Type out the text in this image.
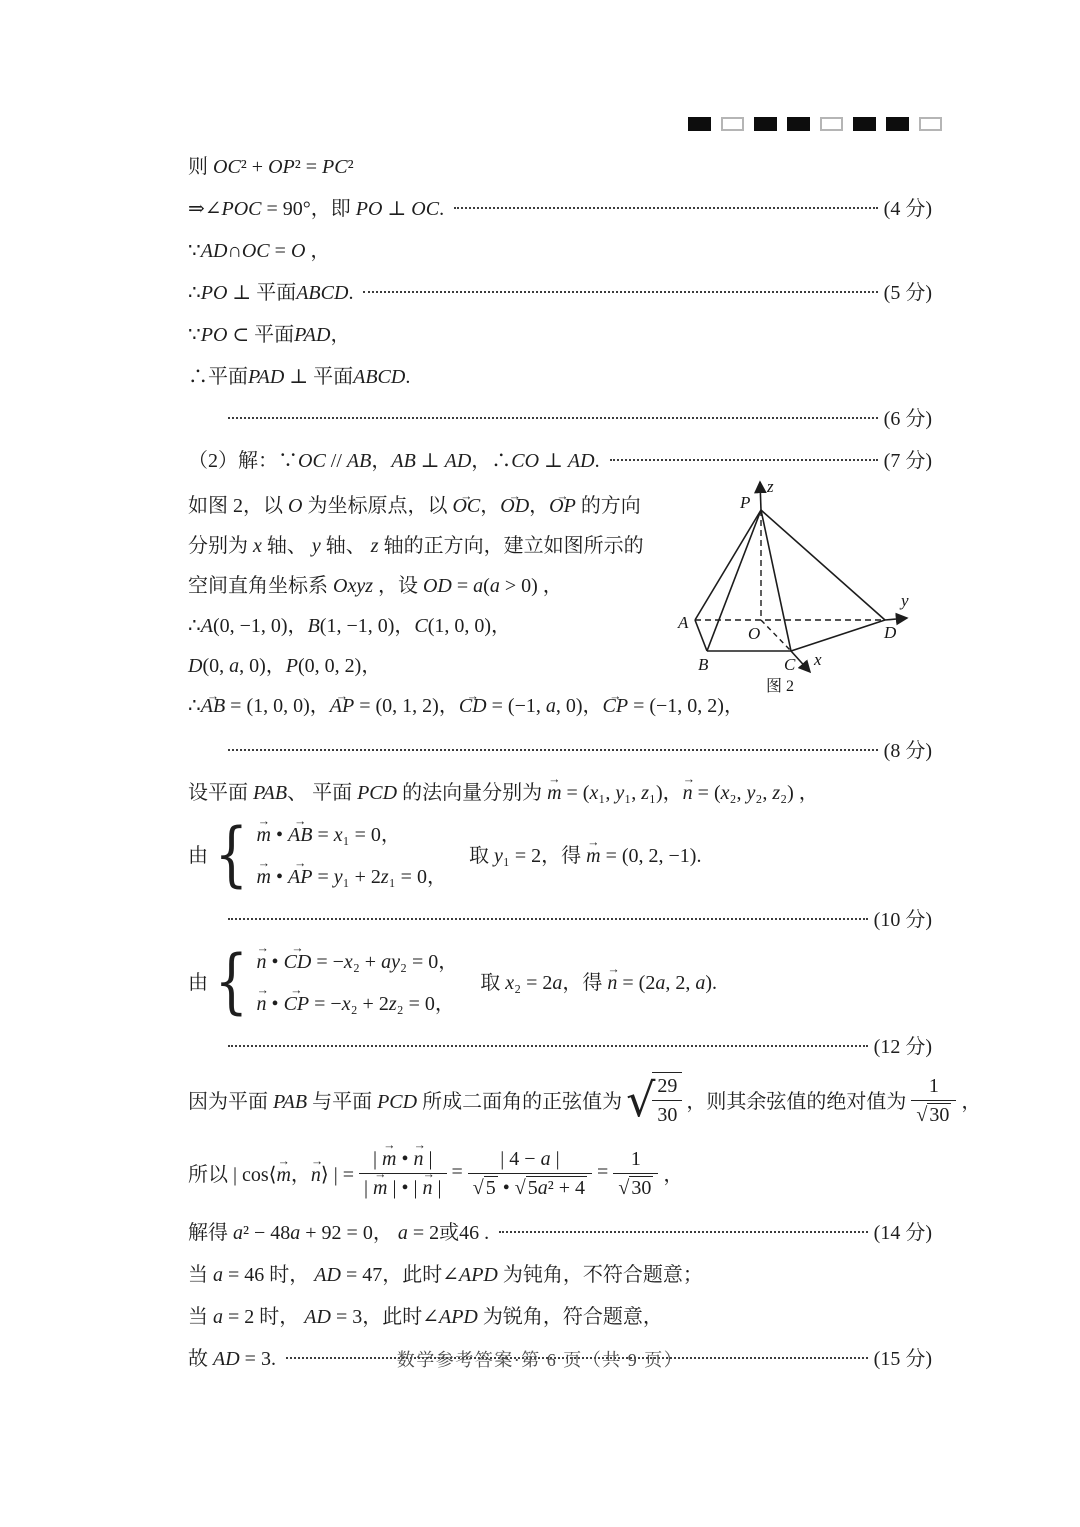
则 OC² + OP² = PC²
⇒∠POC = 90°，即 PO ⊥ OC.	(4 分)
∵AD∩OC = O ，
∴PO ⊥ 平面ABCD.	(5 分)
∵PO ⊂ 平面PAD，
∴平面PAD ⊥ 平面ABCD.
(6 分)
（2）解：∵OC // AB，AB ⊥ AD，∴CO ⊥ AD.	(7 分)
z
P
A
O	D
y
B	C x
图 2
如图 2，以 O 为坐标原点，以 OC →，OD →，OP → 的方向分别为 x 轴、 y 轴、 z 轴的正方向，建立如图所示的空间直角坐标系 Oxyz ，设 OD = a(a > 0) ，
∴A(0, −1, 0)，B(1, −1, 0)，C(1, 0, 0)，
D(0, a, 0)，P(0, 0, 2)，
∴AB → = (1, 0, 0)，AP → = (0, 1, 2)，CD → = (−1, a, 0)，CP → = (−1, 0, 2)，
(8 分)
设平面 PAB、 平面 PCD 的法向量分别为 m → = (x₁, y₁, z₁)，n → = (x₂, y₂, z₂) ，
由 { m → • AB → = x₁ = 0，
m → • AP → = y₁ + 2z₁ = 0，
取 y₁ = 2，得 m → = (0, 2, −1).
(10 分)
由 { n → • CD → = −x₂ + ay₂ = 0，
n → • CP → = −x₂ + 2z₂ = 0，
取 x₂ = 2a，得 n → = (2a, 2, a).
(12 分)
因为平面 PAB 与平面 PCD 所成二面角的正弦值为 √
$\frac{29}{30}$ ，则其余弦值的绝对值为 $\frac{1}{√ 30}$ ，
所以 | cos⟨m →，n →⟩ | = $\frac{| m \to • n \to |}{| m \to | • | n \to |} = \frac{| 4 - a |}{\text{√ 5 • √ 5a² + 4}} = \frac{1}{√ 30}$ ，
解得 a² − 48a + 92 = 0， a = 2或46 .	(14 分)
当 a = 46 时， AD = 47，此时∠APD 为钝角，不符合题意；
当 a = 2 时， AD = 3，此时∠APD 为锐角，符合题意，
故 AD = 3.	(15 分)
数学参考答案·第 6 页（共 9 页）
